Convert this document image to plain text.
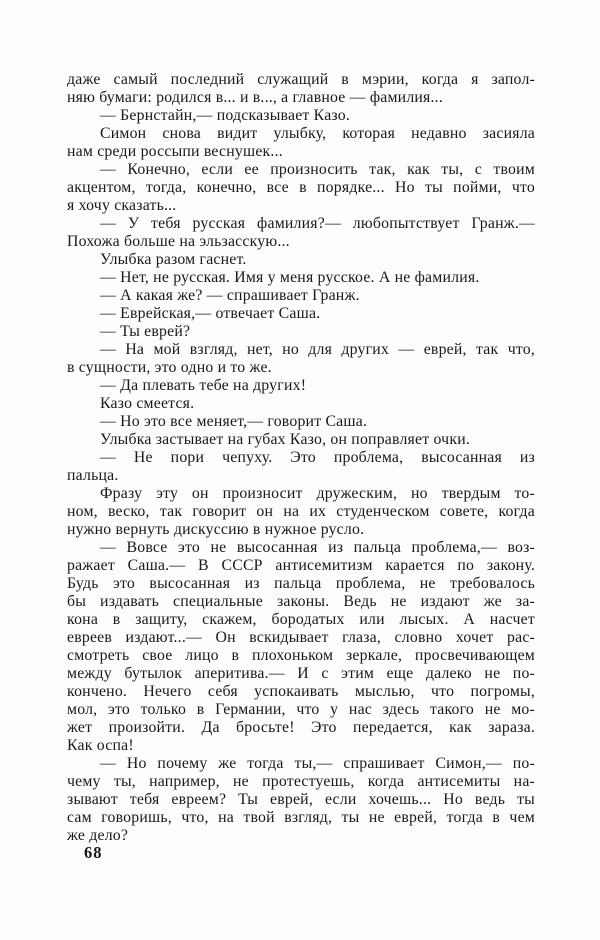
даже самый последний служащий в мэрии, когда я запол-
няю бумаги: родился в... и в..., а главное — фамилия...
— Бернстайн,— подсказывает Казо.
Симон снова видит улыбку, которая недавно засияла
нам среди россыпи веснушек...
— Конечно, если ее произносить так, как ты, с твоим
акцентом, тогда, конечно, все в порядке... Но ты пойми, что
я хочу сказать...
— У тебя русская фамилия?— любопытствует Гранж.—
Похожа больше на эльзасскую...
Улыбка разом гаснет.
— Нет, не русская. Имя у меня русское. А не фамилия.
— А какая же? — спрашивает Гранж.
— Еврейская,— отвечает Саша.
— Ты еврей?
— На мой взгляд, нет, но для других — еврей, так что,
в сущности, это одно и то же.
— Да плевать тебе на других!
Казо смеется.
— Но это все меняет,— говорит Саша.
Улыбка застывает на губах Казо, он поправляет очки.
— Не пори чепуху. Это проблема, высосанная из
пальца.
Фразу эту он произносит дружеским, но твердым то-
ном, веско, так говорит он на их студенческом совете, когда
нужно вернуть дискуссию в нужное русло.
— Вовсе это не высосанная из пальца проблема,— воз-
ражает Саша.— В СССР антисемитизм карается по закону.
Будь это высосанная из пальца проблема, не требовалось
бы издавать специальные законы. Ведь не издают же за-
кона в защиту, скажем, бородатых или лысых. А насчет
евреев издают...— Он вскидывает глаза, словно хочет рас-
смотреть свое лицо в плохоньком зеркале, просвечивающем
между бутылок аперитива.— И с этим еще далеко не по-
кончено. Нечего себя успокаивать мыслью, что погромы,
мол, это только в Германии, что у нас здесь такого не мо-
жет произойти. Да бросьте! Это передается, как зараза.
Как оспа!
— Но почему же тогда ты,— спрашивает Симон,— по-
чему ты, например, не протестуешь, когда антисемиты на-
зывают тебя евреем? Ты еврей, если хочешь... Но ведь ты
сам говоришь, что, на твой взгляд, ты не еврей, тогда в чем
же дело?
68
